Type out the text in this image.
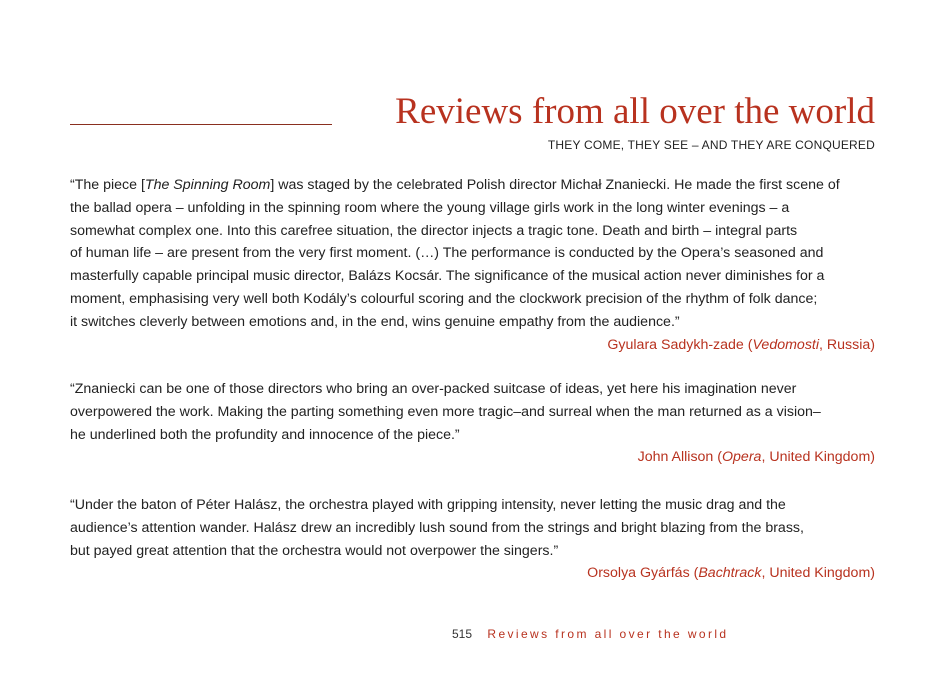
Reviews from all over the world
THEY COME, THEY SEE – AND THEY ARE CONQUERED
“The piece [The Spinning Room] was staged by the celebrated Polish director Michał Znaniecki. He made the first scene of
the ballad opera – unfolding in the spinning room where the young village girls work in the long winter evenings – a
somewhat complex one. Into this carefree situation, the director injects a tragic tone. Death and birth – integral parts
of human life – are present from the very first moment. (…) The performance is conducted by the Opera’s seasoned and
masterfully capable principal music director, Balázs Kocsár. The significance of the musical action never diminishes for a
moment, emphasising very well both Kodály’s colourful scoring and the clockwork precision of the rhythm of folk dance;
it switches cleverly between emotions and, in the end, wins genuine empathy from the audience.”
Gyulara Sadykh-zade (Vedomosti, Russia)
“Znaniecki can be one of those directors who bring an over-packed suitcase of ideas, yet here his imagination never
overpowered the work. Making the parting something even more tragic–and surreal when the man returned as a vision–
he underlined both the profundity and innocence of the piece.”
John Allison (Opera, United Kingdom)
“Under the baton of Péter Halász, the orchestra played with gripping intensity, never letting the music drag and the
audience’s attention wander. Halász drew an incredibly lush sound from the strings and bright blazing from the brass,
but payed great attention that the orchestra would not overpower the singers.”
Orsolya Gyárfás (Bachtrack, United Kingdom)
515 Reviews from all over the world
